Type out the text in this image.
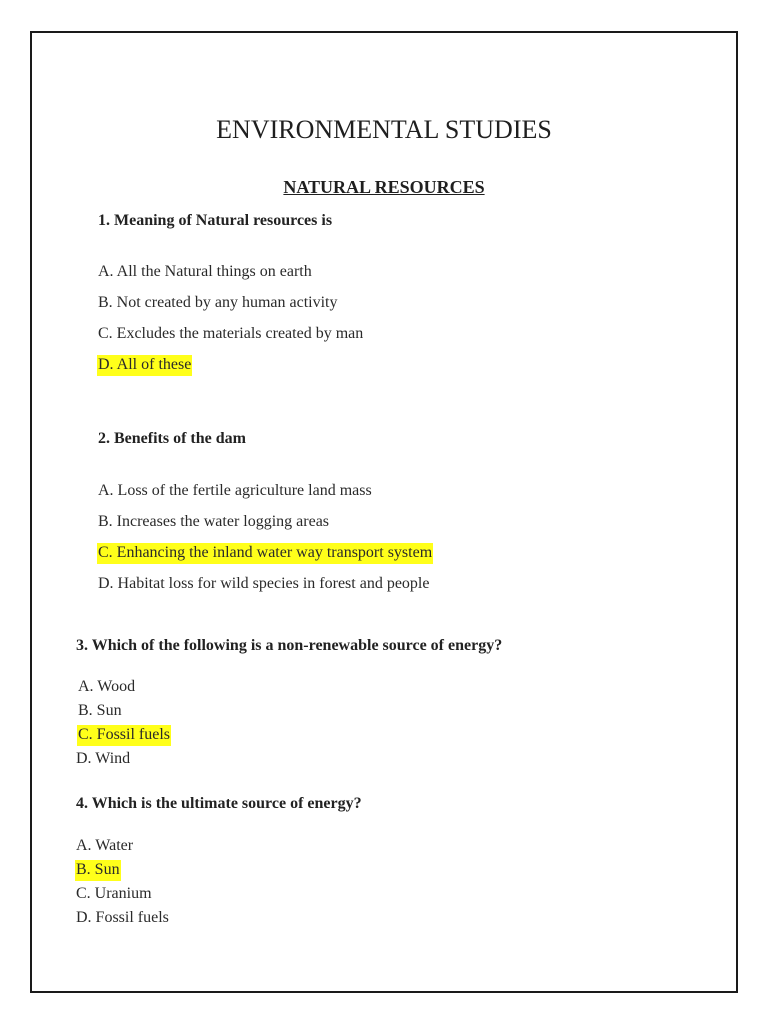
ENVIRONMENTAL STUDIES
NATURAL RESOURCES
1. Meaning of Natural resources is
A. All the Natural things on earth
B. Not created by any human activity
C. Excludes the materials created by man
D. All of these
2. Benefits of the dam
A. Loss of the fertile agriculture land mass
B. Increases the water logging areas
C. Enhancing the inland water way transport system
D. Habitat loss for wild species in forest and people
3. Which of the following is a non-renewable source of energy?
A. Wood
B. Sun
C. Fossil fuels
D. Wind
4. Which is the ultimate source of energy?
A. Water
B. Sun
C. Uranium
D. Fossil fuels
